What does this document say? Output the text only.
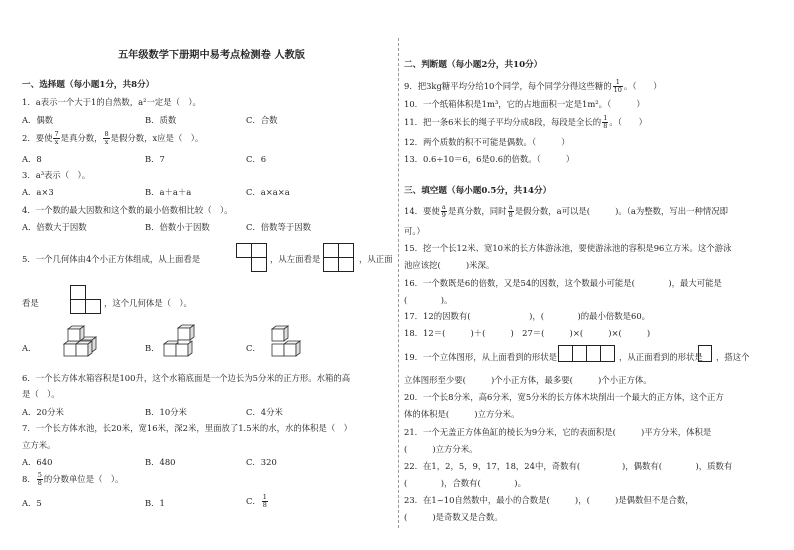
五年级数学下册期中易考点检测卷 人教版
一、选择题（每小题1分，共8分）
1．a表示一个大于1的自然数，a²一定是（　）。
A．偶数	B．质数	C．合数
2．要使 $\frac{7}{x}$ 是真分数， $\frac{8}{x}$ 是假分数，x应是（　）。
A．8	B．7	C．6
3．a³表示（　）。
A．a×3	B．a＋a＋a	C．a×a×a
4．一个数的最大因数和这个数的最小倍数相比较（　）。
A．倍数大于因数	B．倍数小于因数	C．倍数等于因数
5．一个几何体由4个小正方体组成，从上面看是	，从左面看是	，从正面
看是	，这个几何体是（　）。
A．	B．	C．
6．一个长方体水箱容积是100升，这个水箱底面是一个边长为5分米的正方形。水箱的高
是（　）。
A．20分米	B．10分米	C．4分米
7．一个长方体水池，长20米，宽16米，深2米，里面放了1.5米的水，水的体积是（　）
立方米。
A．640	B．480	C．320
8． $\frac{5}{8}$ 的分数单位是（　）。
A．5	B．1	C． $\frac{1}{8}$
二、判断题（每小题2分，共10分）
9．把3kg糖平均分给10个同学，每个同学分得这些糖的 $\frac{1}{10}$ 。（　　）
10．一个纸箱体积是1m³，它的占地面积一定是1m²。（　　　）
11．把一条6米长的绳子平均分成8段，每段是全长的 $\frac{1}{8}$ 。（　　）
12．两个质数的积不可能是偶数。（　　　）
13．0.6÷10＝6，6是0.6的倍数。（　　　）
三、填空题（每小题0.5分，共14分）
14．要使 $\frac{a}{9}$ 是真分数，同时 $\frac{a}{8}$ 是假分数，a可以是(　　　)。（a为整数，写出一种情况即
可。）
15．挖一个长12米、宽10米的长方体游泳池，要使游泳池的容积是96立方米。这个游泳
池应该挖(　　　)米深。
16．一个数既是6的倍数，又是54的因数，这个数最小可能是(　　　　)，最大可能是
(　　　　)。
17．12的因数有(　　　　　　　)，(　　　　)的最小倍数是60。
18．12＝(　　　)＋(　　　)　27＝(　　　)×(　　　)×(　　　)
19．一个立体图形，从上面看到的形状是	，从正面看到的形状是 ，搭这个
立体图形至少要(　　　)个小正方体，最多要(　　　)个小正方体。
20．一个长8分米，高6分米，宽5分米的长方体木块削出一个最大的正方体，这个正方
体的体积是(　　　)立方分米。
21．一个无盖正方体鱼缸的棱长为9分米，它的表面积是(　　　)平方分米，体积是
(　　　)立方分米。
22．在1，2，5，9，17，18，24中，奇数有(　　　　　)，偶数有(　　　　)，质数有
(　　　　)，合数有(　　　　)。
23．在1~10自然数中，最小的合数是(　　　)，(　　　)是偶数但不是合数，
(　　　)是奇数又是合数。
